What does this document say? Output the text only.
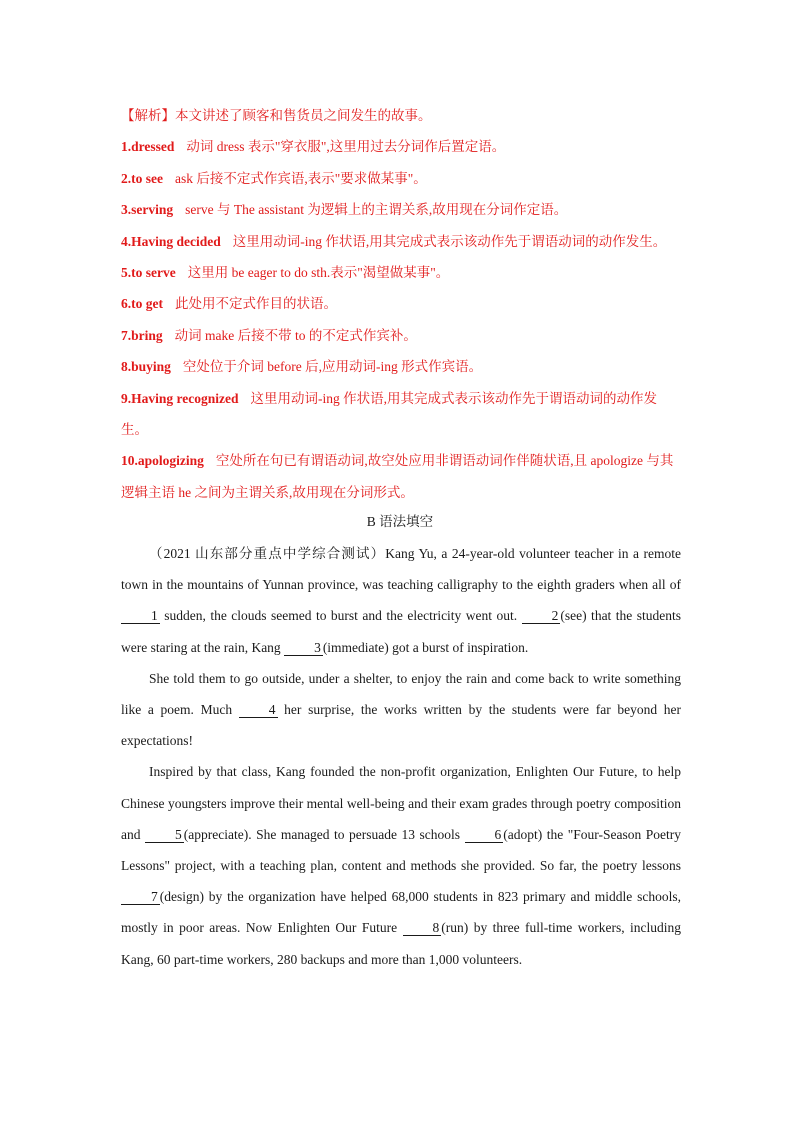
【解析】本文讲述了顾客和售货员之间发生的故事。

1.dressed 动词 dress 表示"穿衣服",这里用过去分词作后置定语。

2.to see ask 后接不定式作宾语,表示"要求做某事"。

3.serving serve 与 The assistant 为逻辑上的主谓关系,故用现在分词作定语。

4.Having decided 这里用动词-ing 作状语,用其完成式表示该动作先于谓语动词的动作发生。

5.to serve 这里用 be eager to do sth.表示"渴望做某事"。

6.to get 此处用不定式作目的状语。

7.bring 动词 make 后接不带 to 的不定式作宾补。

8.buying 空处位于介词 before 后,应用动词-ing 形式作宾语。

9.Having recognized 这里用动词-ing 作状语,用其完成式表示该动作先于谓语动词的动作发生。

10.apologizing 空处所在句已有谓语动词,故空处应用非谓语动词作伴随状语,且 apologize 与其逻辑主语 he 之间为主谓关系,故用现在分词形式。

B 语法填空

（2021 山东部分重点中学综合测试）Kang Yu, a 24-year-old volunteer teacher in a remote town in the mountains of Yunnan province, was teaching calligraphy to the eighth graders when all of 1 sudden, the clouds seemed to burst and the electricity went out. 2 (see) that the students were staring at the rain, Kang 3 (immediate) got a burst of inspiration.

She told them to go outside, under a shelter, to enjoy the rain and come back to write something like a poem. Much 4 her surprise, the works written by the students were far beyond her expectations!

Inspired by that class, Kang founded the non-profit organization, Enlighten Our Future, to help Chinese youngsters improve their mental well-being and their exam grades through poetry composition and 5 (appreciate). She managed to persuade 13 schools 6 (adopt) the "Four-Season Poetry Lessons" project, with a teaching plan, content and methods she provided. So far, the poetry lessons 7 (design) by the organization have helped 68,000 students in 823 primary and middle schools, mostly in poor areas. Now Enlighten Our Future 8 (run) by three full-time workers, including Kang, 60 part-time workers, 280 backups and more than 1,000 volunteers.
